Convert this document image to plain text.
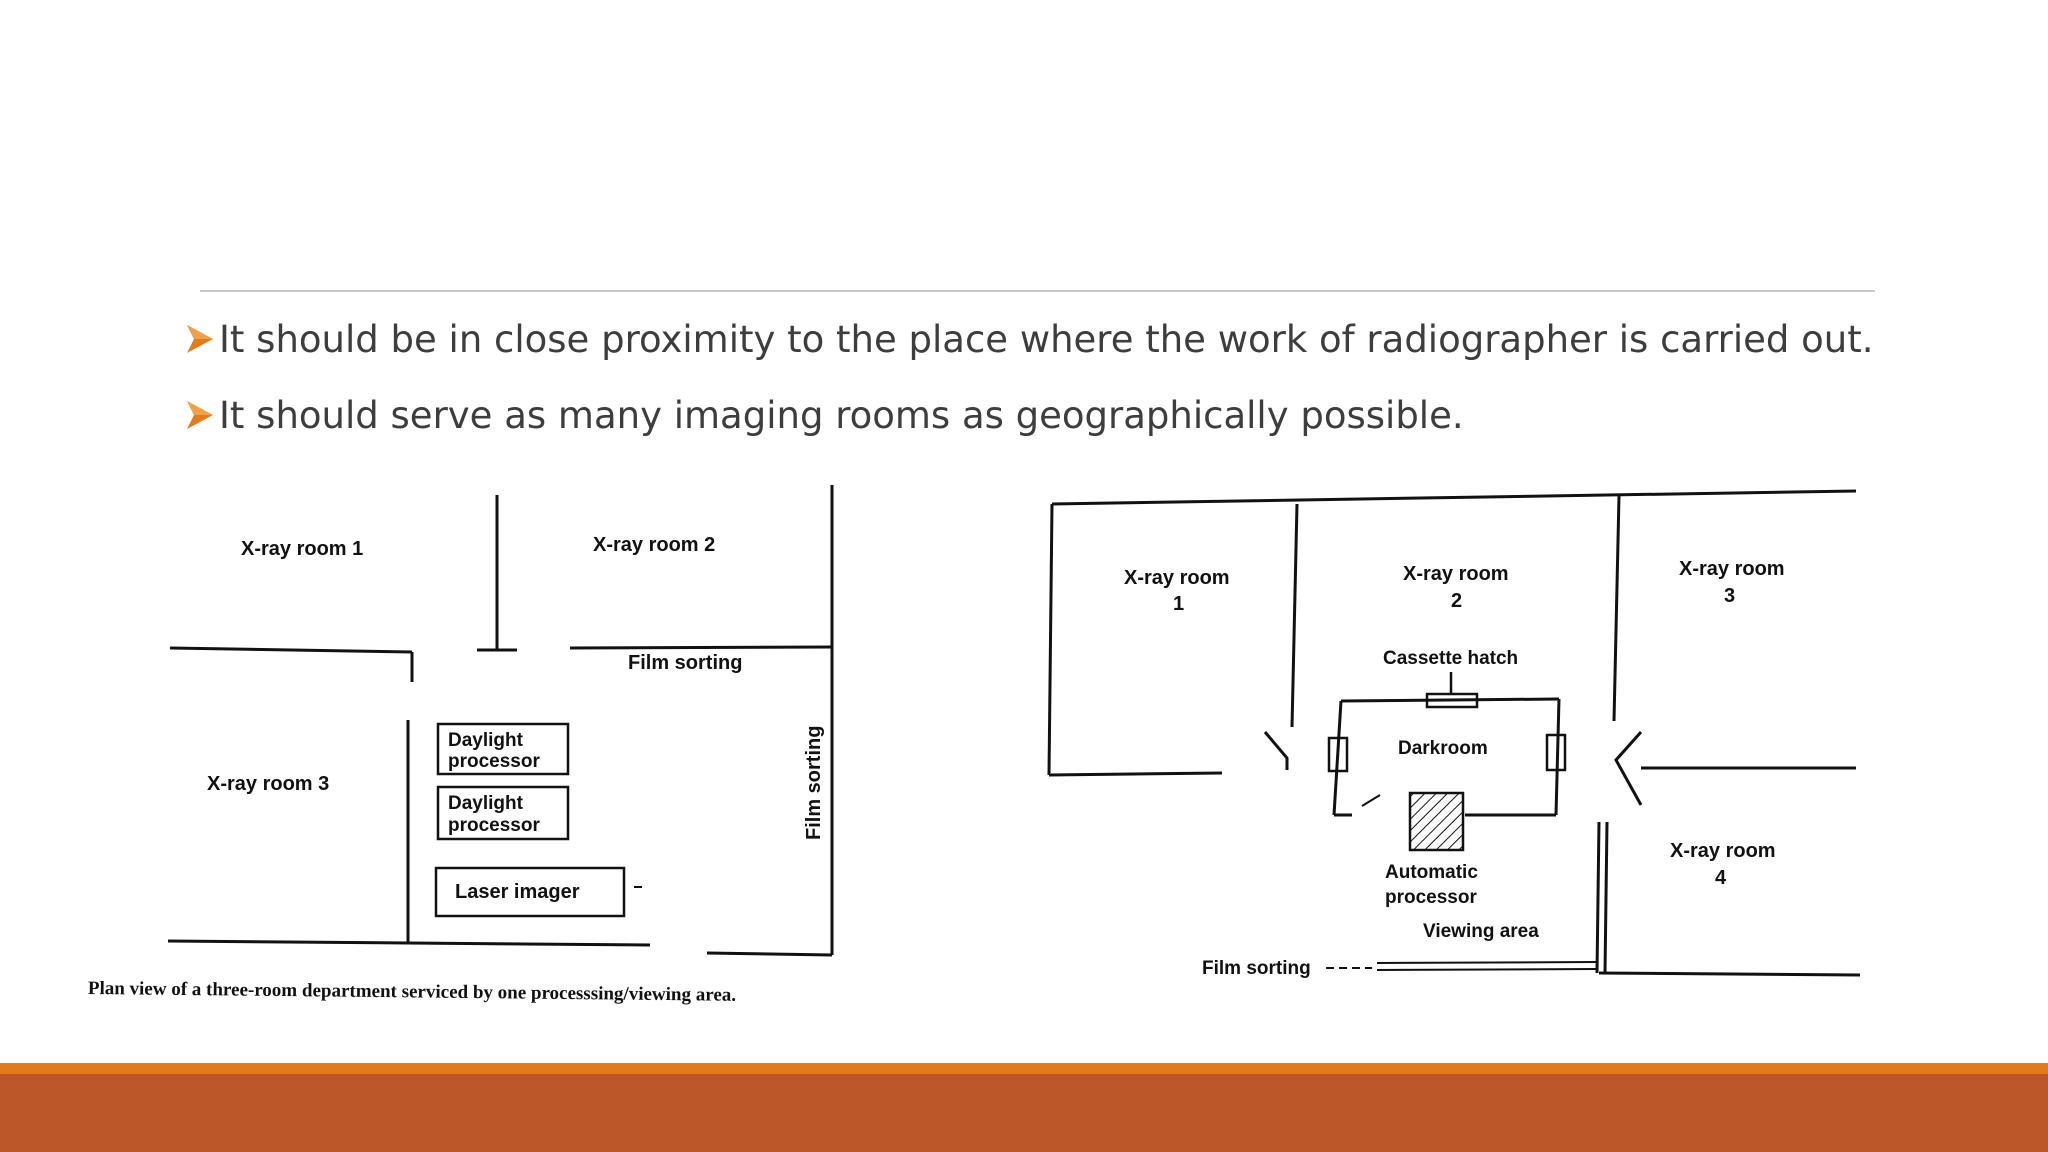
It should be in close proximity to the place where the work of radiographer is carried out.
It should serve as many imaging rooms as geographically possible.
X-ray room 1	X-ray room 2
X-ray room 3
Film sorting
Film sorting
Daylight
processor
Daylight
processor
Laser imager
X-ray room
1
X-ray room
2
X-ray room
3
X-ray room
4
Cassette hatch
Darkroom
Automatic
processor
Viewing area
Film sorting
Plan view of a three-room department serviced by one processsing/viewing area.
